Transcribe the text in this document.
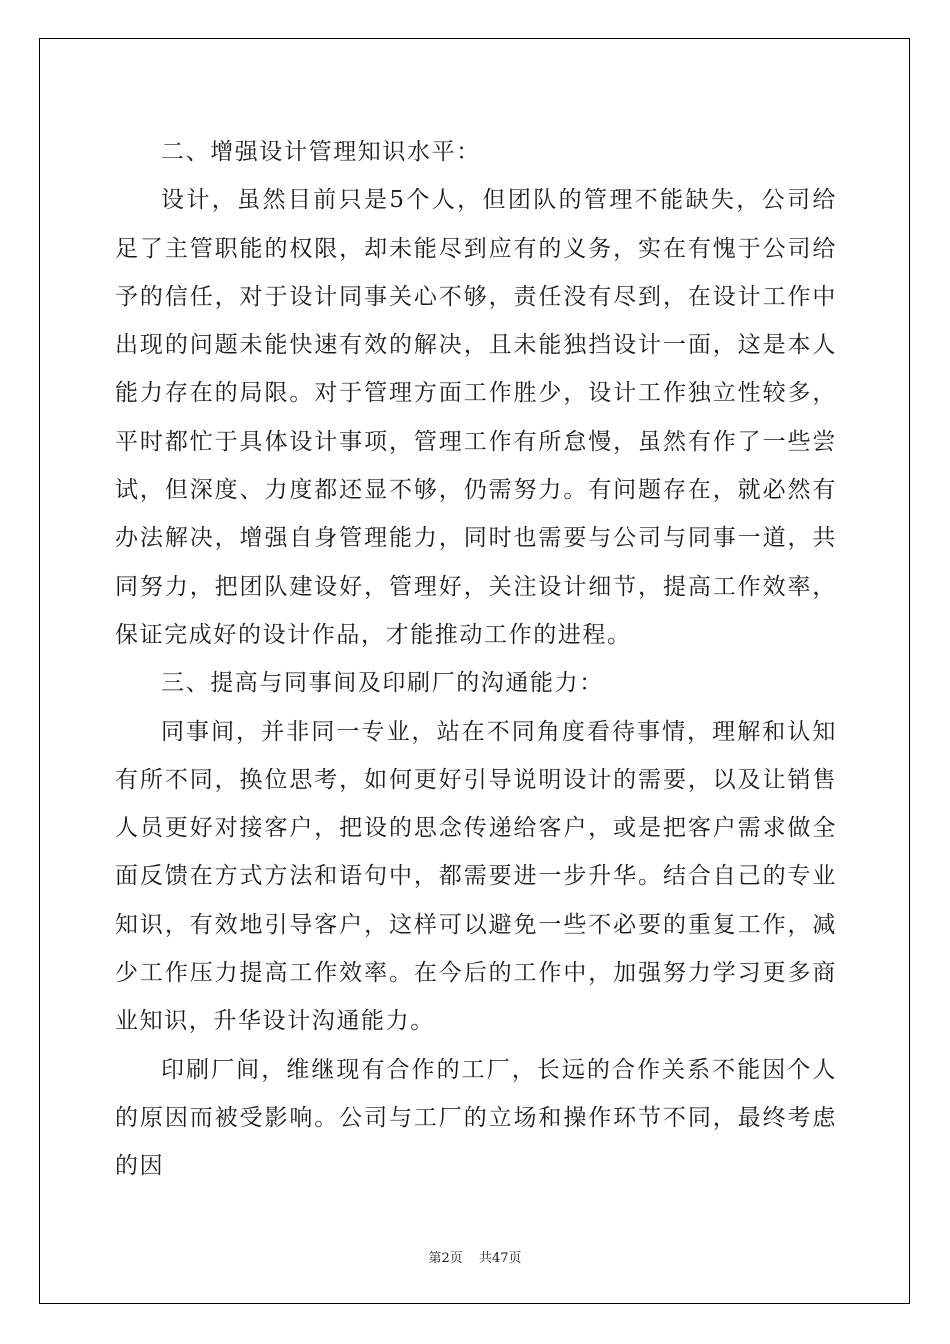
二、增强设计管理知识水平：

设计，虽然目前只是5个人，但团队的管理不能缺失，公司给足了主管职能的权限，却未能尽到应有的义务，实在有愧于公司给予的信任，对于设计同事关心不够，责任没有尽到，在设计工作中出现的问题未能快速有效的解决，且未能独挡设计一面，这是本人能力存在的局限。对于管理方面工作胜少，设计工作独立性较多，平时都忙于具体设计事项，管理工作有所怠慢，虽然有作了一些尝试，但深度、力度都还显不够，仍需努力。有问题存在，就必然有办法解决，增强自身管理能力，同时也需要与公司与同事一道，共同努力，把团队建设好，管理好，关注设计细节，提高工作效率，保证完成好的设计作品，才能推动工作的进程。

三、提高与同事间及印刷厂的沟通能力：

同事间，并非同一专业，站在不同角度看待事情，理解和认知有所不同，换位思考，如何更好引导说明设计的需要，以及让销售人员更好对接客户，把设的思念传递给客户，或是把客户需求做全面反馈在方式方法和语句中，都需要进一步升华。结合自己的专业知识，有效地引导客户，这样可以避免一些不必要的重复工作，减少工作压力提高工作效率。在今后的工作中，加强努力学习更多商业知识，升华设计沟通能力。

印刷厂间，维继现有合作的工厂，长远的合作关系不能因个人的原因而被受影响。公司与工厂的立场和操作环节不同，最终考虑的因

第2页 共47页
